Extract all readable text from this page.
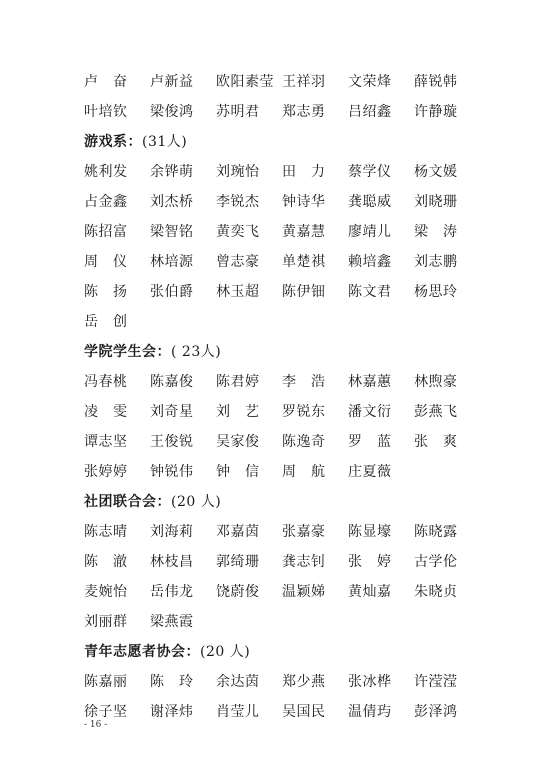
卢　奋	卢新益	欧阳素莹 王祥羽	文荣烽	薛锐韩
叶培钦	梁俊鸿	苏明君	郑志勇	吕绍鑫	许静璇
游戏系： (31人)
姚利发	余铧萌	刘琬怡	田　力	蔡学仪	杨文媛
占金鑫	刘杰桥	李锐杰	钟诗华	龚聪威	刘晓珊
陈招富	梁智铭	黄奕飞	黄嘉慧	廖靖儿	梁　涛
周　仪	林培源	曾志豪	单楚祺	赖培鑫	刘志鹏
陈　扬	张伯爵	林玉超	陈伊钿	陈文君	杨思玲
岳　创
学院学生会： ( 23人)
冯春桃	陈嘉俊	陈君婷	李　浩	林嘉蕙	林煦豪
凌　雯	刘奇星	刘　艺	罗锐东	潘文衍	彭燕飞
谭志坚	王俊锐	吴家俊	陈逸奇	罗　蓝	张　爽
张婷婷	钟锐伟	钟　信	周　航	庄夏薇
社团联合会： (20 人)
陈志晴	刘海莉	邓嘉茵	张嘉豪	陈显壕	陈晓露
陈　澈	林枝昌	郭绮珊	龚志钊	张　婷	古学伦
麦婉怡	岳伟龙	饶蔚俊	温颖娣	黄灿嘉	朱晓贞
刘丽群	梁燕霞
青年志愿者协会： (20 人)
陈嘉丽	陈　玲	余达茵	郑少燕	张冰桦	许滢滢
徐子坚	谢泽炜	肖莹儿	吴国民	温倩玙	彭泽鸿
- 16 -
